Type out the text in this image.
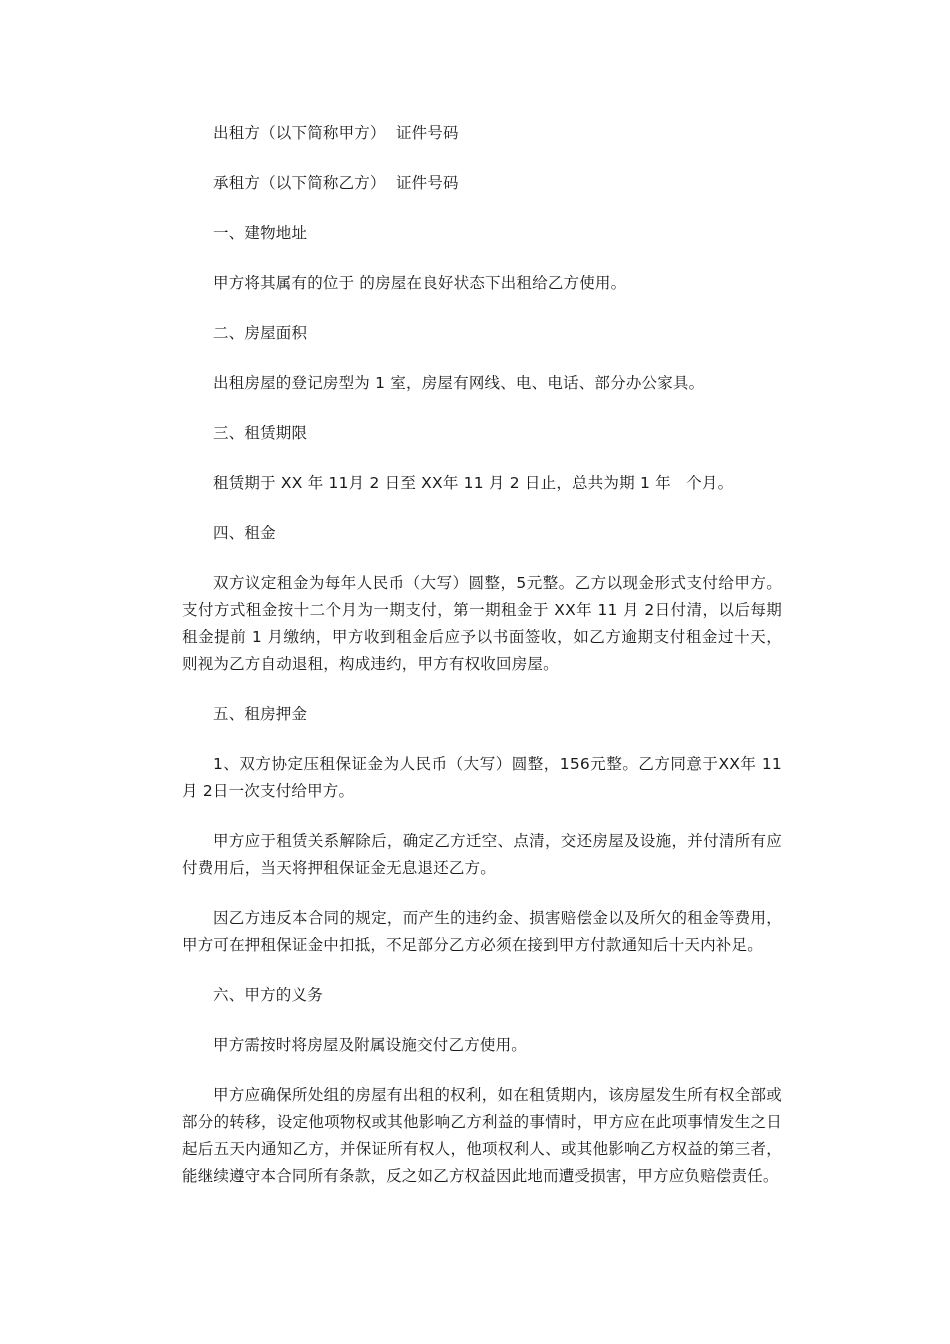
出租方（以下简称甲方）  证件号码

承租方（以下简称乙方）  证件号码

一、建物地址

甲方将其属有的位于 的房屋在良好状态下出租给乙方使用。

二、房屋面积

出租房屋的登记房型为 1 室，房屋有网线、电、电话、部分办公家具。

三、租赁期限

租赁期于 XX 年 11月 2 日至 XX年 11 月 2 日止，总共为期 1 年   个月。

四、租金

双方议定租金为每年人民币（大写）圆整，5元整。乙方以现金形式支付给甲方。支付方式租金按十二个月为一期支付，第一期租金于 XX年 11 月 2日付清，以后每期租金提前 1 月缴纳，甲方收到租金后应予以书面签收，如乙方逾期支付租金过十天，则视为乙方自动退租，构成违约，甲方有权收回房屋。

五、租房押金

1、双方协定压租保证金为人民币（大写）圆整，156元整。乙方同意于XX年 11月 2日一次支付给甲方。

甲方应于租赁关系解除后，确定乙方迁空、点清，交还房屋及设施，并付清所有应付费用后，当天将押租保证金无息退还乙方。

因乙方违反本合同的规定，而产生的违约金、损害赔偿金以及所欠的租金等费用，甲方可在押租保证金中扣抵，不足部分乙方必须在接到甲方付款通知后十天内补足。

六、甲方的义务

甲方需按时将房屋及附属设施交付乙方使用。

甲方应确保所处组的房屋有出租的权利，如在租赁期内，该房屋发生所有权全部或部分的转移，设定他项物权或其他影响乙方利益的事情时，甲方应在此项事情发生之日起后五天内通知乙方，并保证所有权人，他项权利人、或其他影响乙方权益的第三者，能继续遵守本合同所有条款，反之如乙方权益因此地而遭受损害，甲方应负赔偿责任。
